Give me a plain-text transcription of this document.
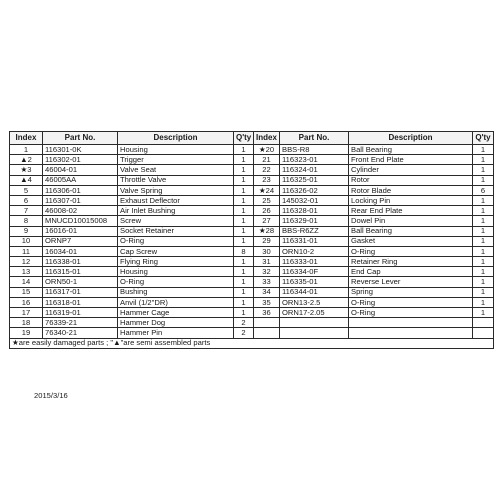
Index	Part No.	Description	Q'ty	Index	Part No.	Description	Q'ty
1	116301-0K	Housing	1	★20	BBS-R8	Ball Bearing	1
▲2	116302-01	Trigger	1	21	116323-01	Front End Plate	1
★3	46004-01	Valve Seat	1	22	116324-01	Cylinder	1
▲4	46005AA	Throttle Valve	1	23	116325-01	Rotor	1
5	116306-01	Valve Spring	1	★24	116326-02	Rotor Blade	6
6	116307-01	Exhaust Deflector	1	25	145032-01	Locking Pin	1
7	46008-02	Air Inlet Bushing	1	26	116328-01	Rear End Plate	1
8	MNUCD10015008	Screw	1	27	116329-01	Dowel Pin	1
9	16016-01	Socket Retainer	1	★28	BBS-R6ZZ	Ball Bearing	1
10	ORNP7	O-Ring	1	29	116331-01	Gasket	1
11	16034-01	Cap Screw	8	30	ORN10-2	O-Ring	1
12	116338-01	Flying Ring	1	31	116333-01	Retainer Ring	1
13	116315-01	Housing	1	32	116334-0F	End Cap	1
14	ORN50-1	O-Ring	1	33	116335-01	Reverse Lever	1
15	116317-01	Bushing	1	34	116344-01	Spring	1
16	116318-01	Anvil (1/2"DR)	1	35	ORN13-2.5	O-Ring	1
17	116319-01	Hammer Cage	1	36	ORN17-2.05	O-Ring	1
18	76339-21	Hammer Dog	2				
19	76340-21	Hammer Pin	2				
★are easily damaged parts ; "▲"are semi assembled parts							
2015/3/16
